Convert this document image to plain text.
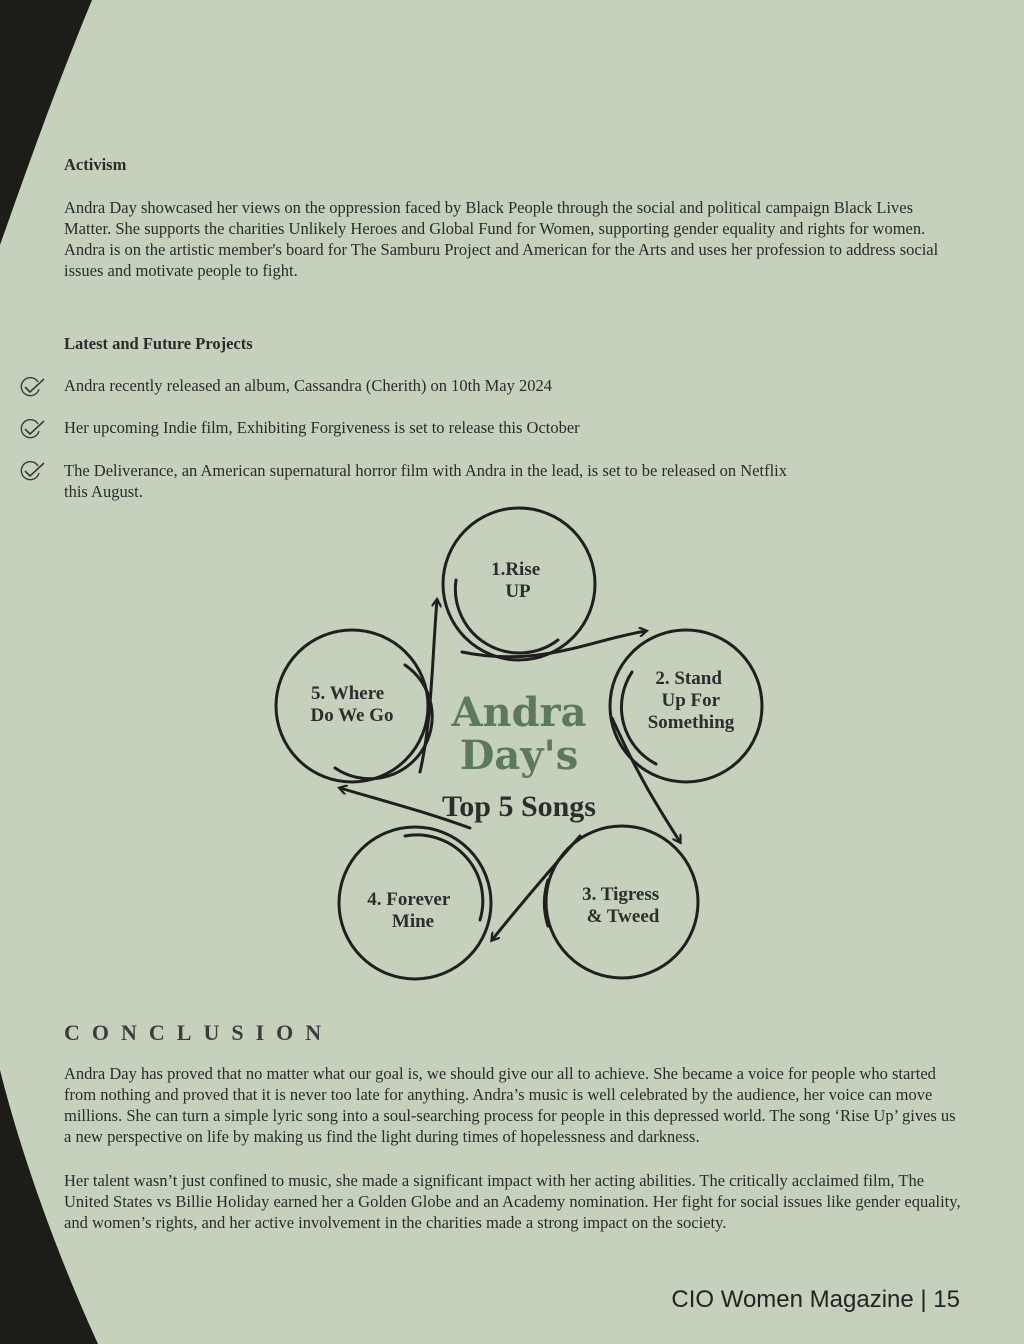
Activism
Andra Day showcased her views on the oppression faced by Black People through the social and political campaign Black Lives Matter. She supports the charities Unlikely Heroes and Global Fund for Women, supporting gender equality and rights for women. Andra is on the artistic member's board for The Samburu Project and American for the Arts and uses her profession to address social issues and motivate people to fight.
Latest and Future Projects
Andra recently released an album, Cassandra (Cherith) on 10th May 2024
Her upcoming Indie film, Exhibiting Forgiveness is set to release this October
The Deliverance, an American supernatural horror film with Andra in the lead, is set to be released on Netflix this August.
1.Rise UP
2. Stand Up For Something
3. Tigress & Tweed
4. Forever Mine
5. Where Do We Go Andra
Day's
Top 5 Songs
CONCLUSION
Andra Day has proved that no matter what our goal is, we should give our all to achieve. She became a voice for people who started from nothing and proved that it is never too late for anything. Andra’s music is well celebrated by the audience, her voice can move millions. She can turn a simple lyric song into a soul-searching process for people in this depressed world. The song ‘Rise Up’ gives us a new perspective on life by making us find the light during times of hopelessness and darkness.
Her talent wasn’t just confined to music, she made a significant impact with her acting abilities. The critically acclaimed film, The United States vs Billie Holiday earned her a Golden Globe and an Academy nomination. Her fight for social issues like gender equality, and women’s rights, and her active involvement in the charities made a strong impact on the society.
CIO Women Magazine | 15
